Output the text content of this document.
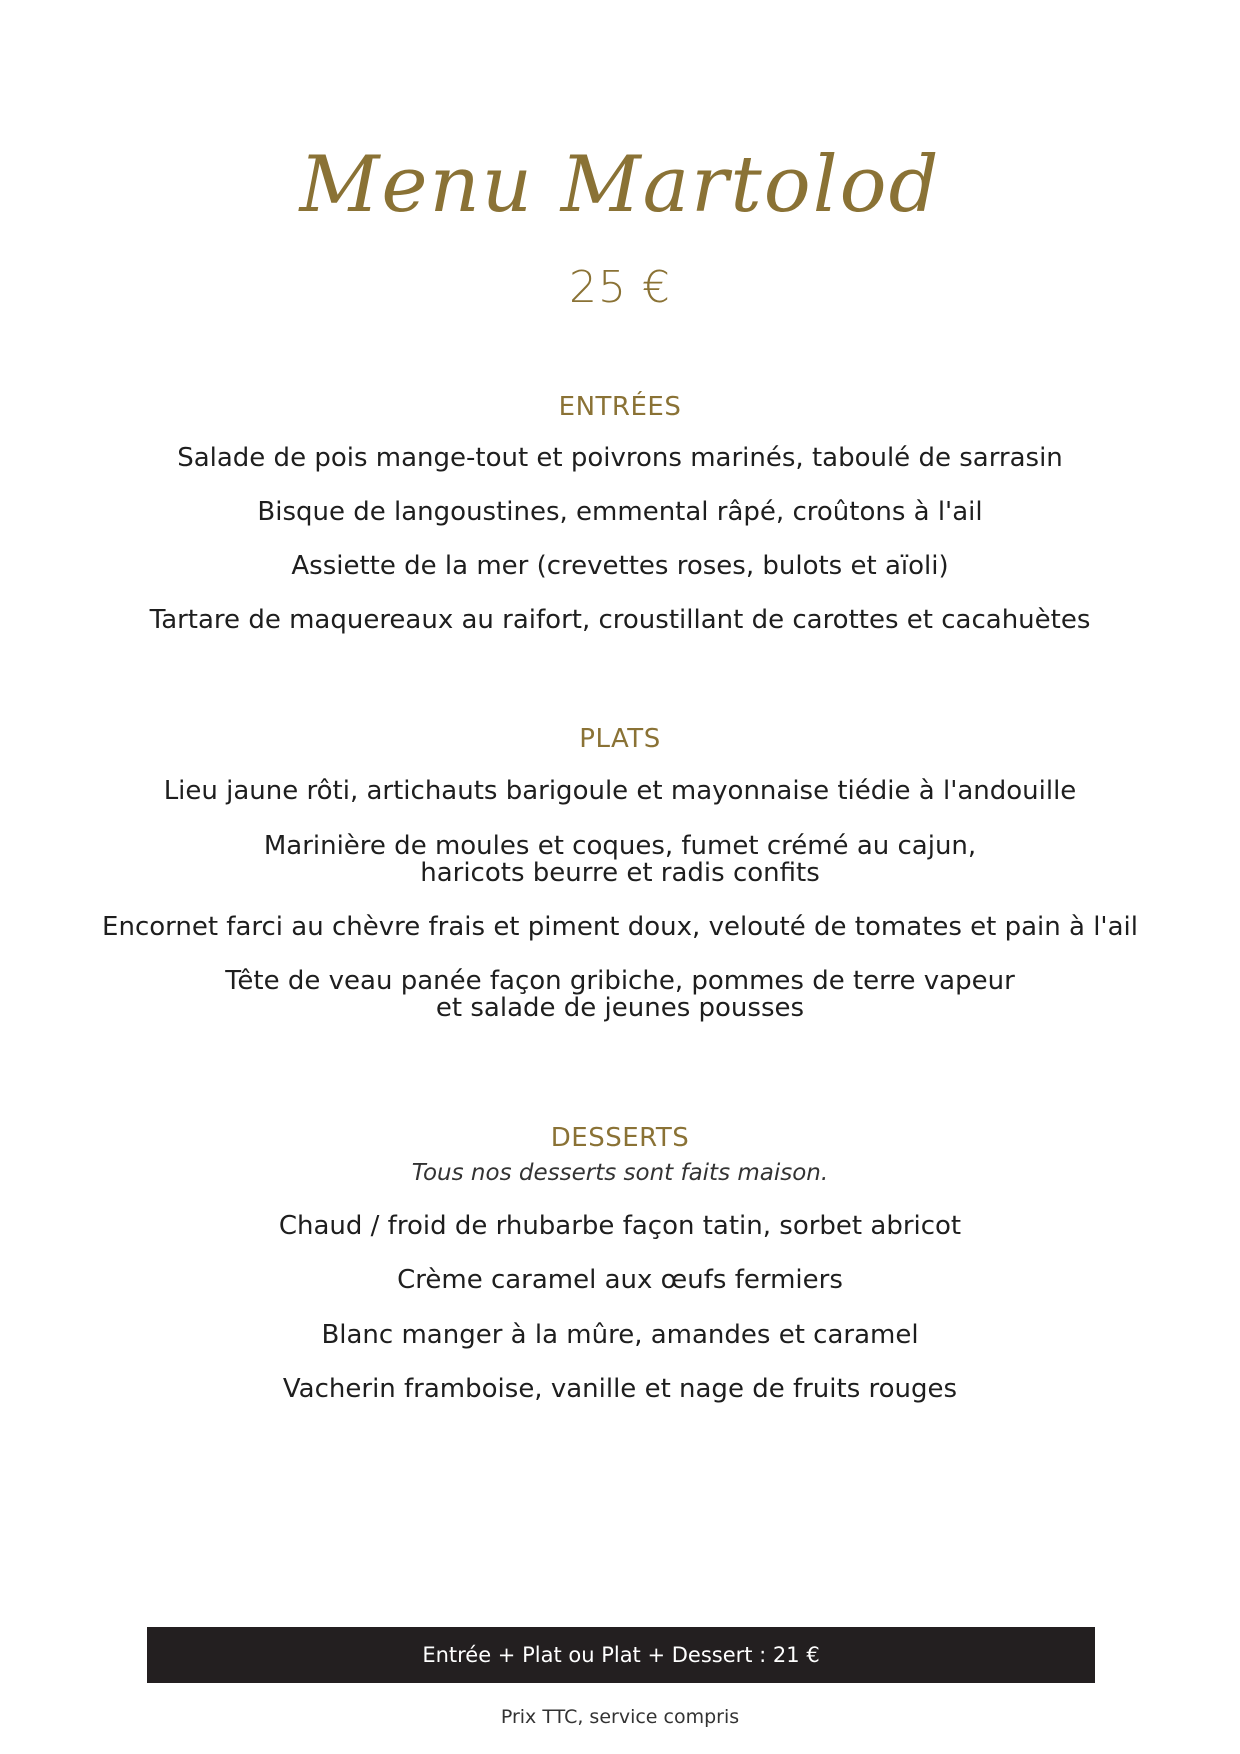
Menu Martolod
25 €
ENTRÉES
Salade de pois mange-tout et poivrons marinés, taboulé de sarrasin
Bisque de langoustines, emmental râpé, croûtons à l'ail
Assiette de la mer (crevettes roses, bulots et aïoli)
Tartare de maquereaux au raifort, croustillant de carottes et cacahuètes
PLATS
Lieu jaune rôti, artichauts barigoule et mayonnaise tiédie à l'andouille
Marinière de moules et coques, fumet crémé au cajun,
haricots beurre et radis confits
Encornet farci au chèvre frais et piment doux, velouté de tomates et pain à l'ail
Tête de veau panée façon gribiche, pommes de terre vapeur
et salade de jeunes pousses
DESSERTS
Tous nos desserts sont faits maison.
Chaud / froid de rhubarbe façon tatin, sorbet abricot
Crème caramel aux œufs fermiers
Blanc manger à la mûre, amandes et caramel
Vacherin framboise, vanille et nage de fruits rouges
Entrée + Plat ou Plat + Dessert : 21 €
Prix TTC, service compris
